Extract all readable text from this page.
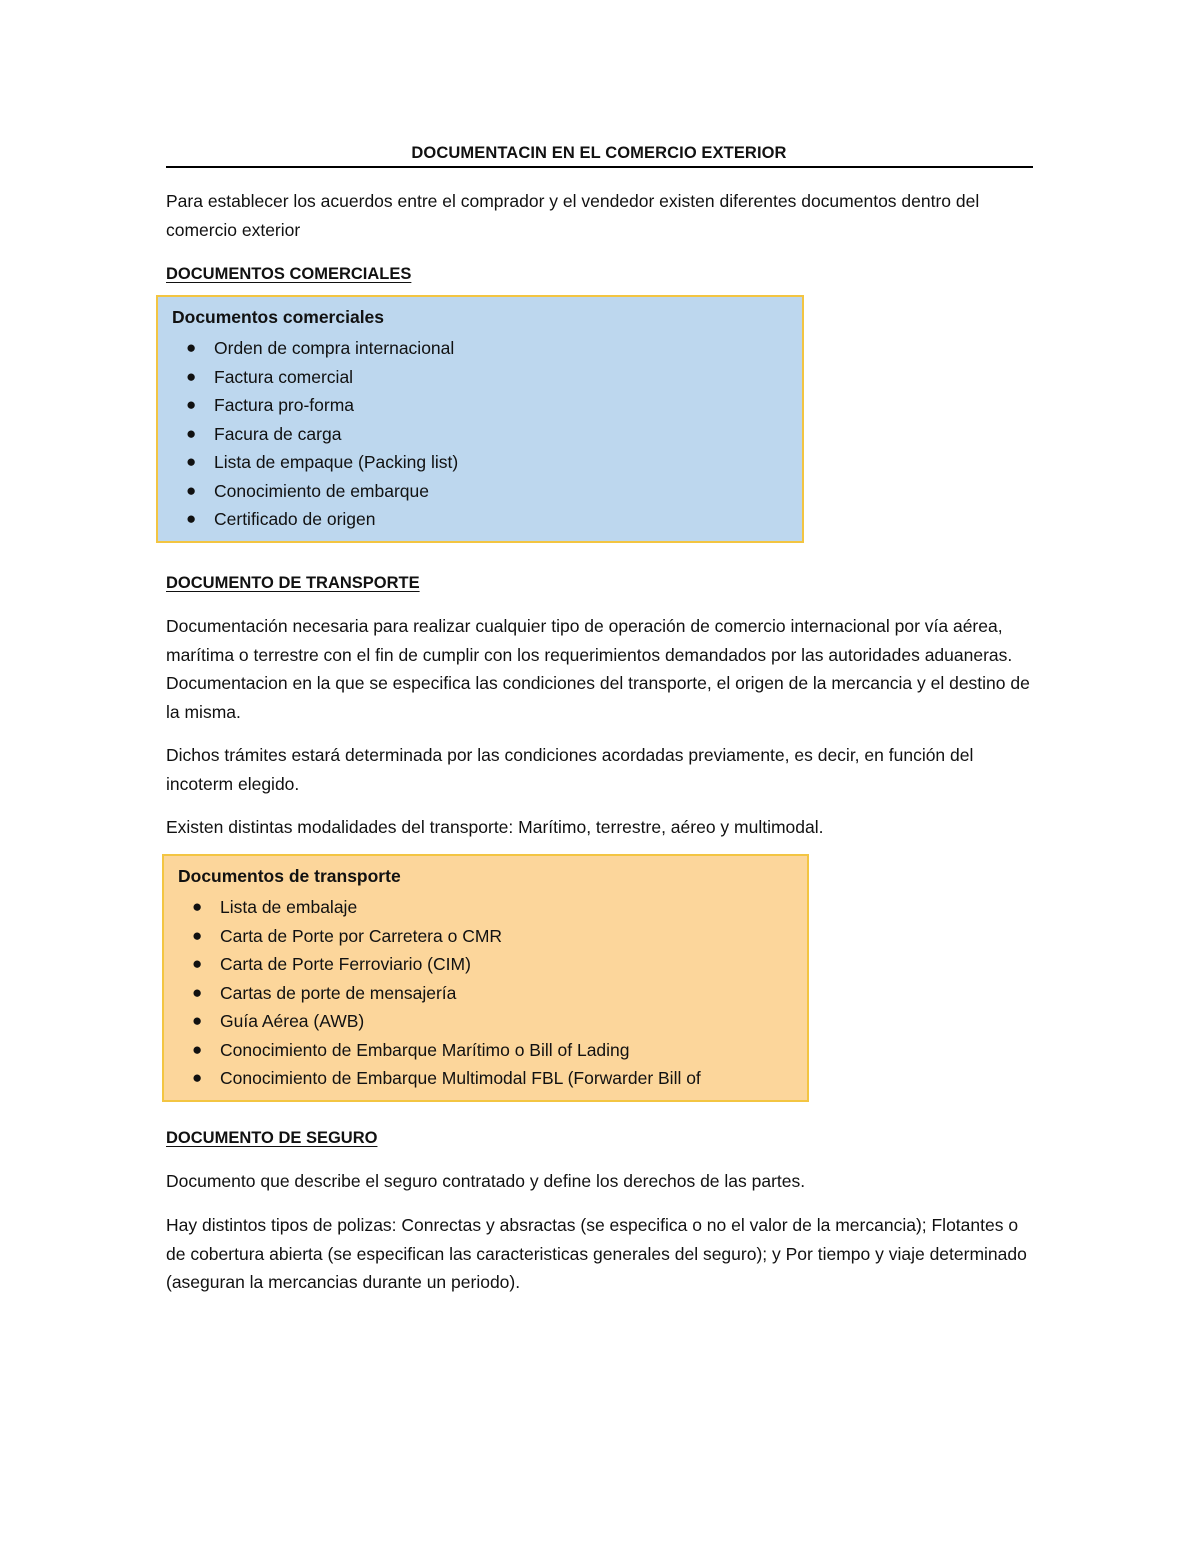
DOCUMENTACIN EN EL COMERCIO EXTERIOR

Para establecer los acuerdos entre el comprador y el vendedor existen diferentes documentos dentro del comercio exterior

DOCUMENTOS COMERCIALES
Documentos comerciales
● Orden de compra internacional
● Factura comercial
● Factura pro-forma
● Facura de carga
● Lista de empaque (Packing list)
● Conocimiento de embarque
● Certificado de origen
DOCUMENTO DE TRANSPORTE

Documentación necesaria para realizar cualquier tipo de operación de comercio internacional por vía aérea, marítima o terrestre con el fin de cumplir con los requerimientos demandados por las autoridades aduaneras. Documentacion en la que se especifica las condiciones del transporte, el origen de la mercancia y el destino de la misma.

Dichos trámites estará determinada por las condiciones acordadas previamente, es decir, en función del incoterm elegido.

Existen distintas modalidades del transporte: Marítimo, terrestre, aéreo y multimodal.

Documentos de transporte
● Lista de embalaje
● Carta de Porte por Carretera o CMR
● Carta de Porte Ferroviario (CIM)
● Cartas de porte de mensajería
● Guía Aérea (AWB)
● Conocimiento de Embarque Marítimo o Bill of Lading
● Conocimiento de Embarque Multimodal FBL (Forwarder Bill of
DOCUMENTO DE SEGURO

Documento que describe el seguro contratado y define los derechos de las partes.

Hay distintos tipos de polizas: Conrectas y absractas (se especifica o no el valor de la mercancia); Flotantes o de cobertura abierta (se especifican las caracteristicas generales del seguro); y Por tiempo y viaje determinado (aseguran la mercancias durante un periodo).
